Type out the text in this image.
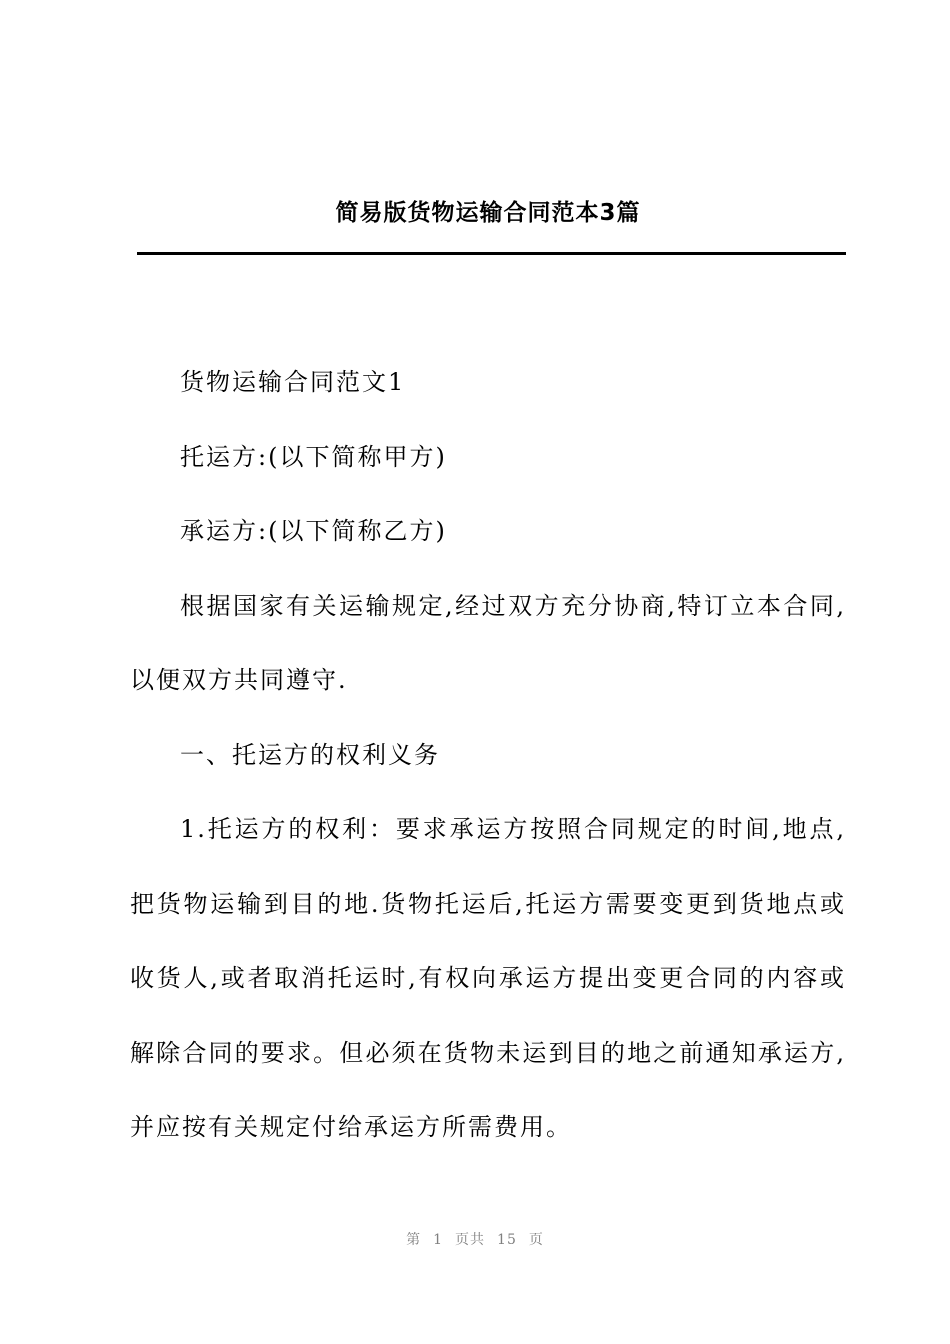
简易版货物运输合同范本3篇

货物运输合同范文1

托运方:(以下简称甲方)

承运方:(以下简称乙方)

根据国家有关运输规定,经过双方充分协商,特订立本合同,以便双方共同遵守.

一、托运方的权利义务

1.托运方的权利：要求承运方按照合同规定的时间,地点,把货物运输到目的地.货物托运后,托运方需要变更到货地点或收货人,或者取消托运时,有权向承运方提出变更合同的内容或解除合同的要求。但必须在货物未运到目的地之前通知承运方,并应按有关规定付给承运方所需费用。

第 1 页共 15 页
